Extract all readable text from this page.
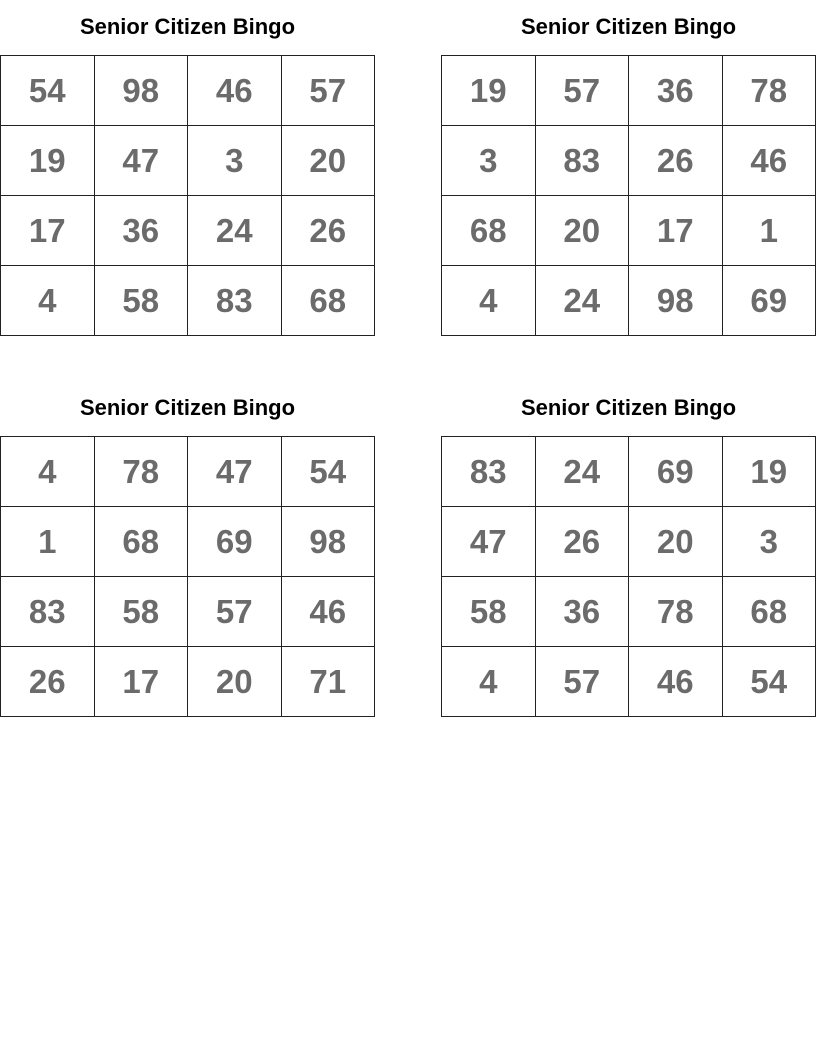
Senior Citizen Bingo
54	98	46	57
19	47	3	20
17	36	24	26
4	58	83	68
Senior Citizen Bingo
19	57	36	78
3	83	26	46
68	20	17	1
4	24	98	69
Senior Citizen Bingo
4	78	47	54
1	68	69	98
83	58	57	46
26	17	20	71
Senior Citizen Bingo
83	24	69	19
47	26	20	3
58	36	78	68
4	57	46	54
